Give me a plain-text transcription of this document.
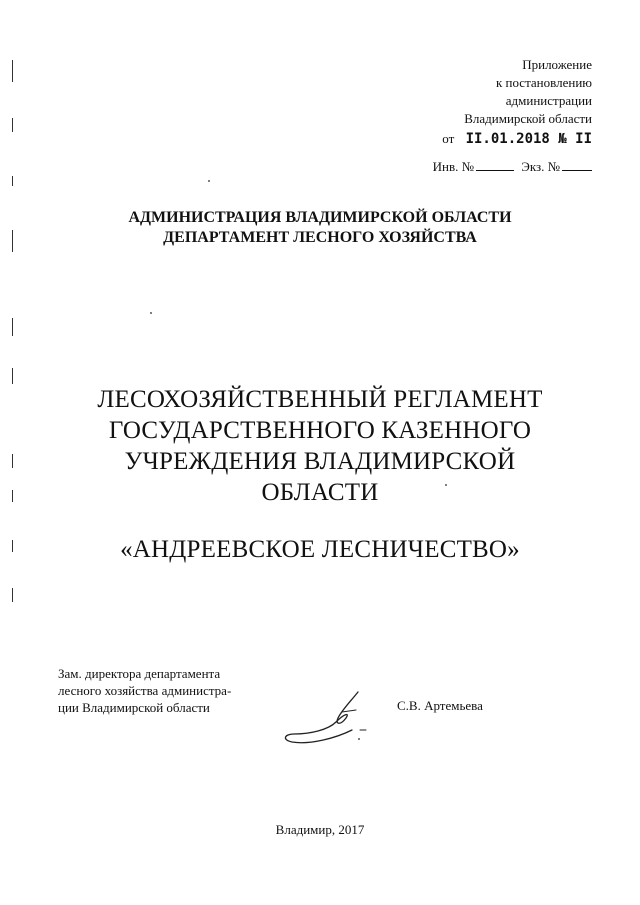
Приложение
к постановлению
администрации
Владимирской области
от II.01.2018 № II
Инв. №	Экз. №
АДМИНИСТРАЦИЯ ВЛАДИМИРСКОЙ ОБЛАСТИ
ДЕПАРТАМЕНТ ЛЕСНОГО ХОЗЯЙСТВА
ЛЕСОХОЗЯЙСТВЕННЫЙ РЕГЛАМЕНТ
ГОСУДАРСТВЕННОГО КАЗЕННОГО
УЧРЕЖДЕНИЯ ВЛАДИМИРСКОЙ
ОБЛАСТИ
«АНДРЕЕВСКОЕ ЛЕСНИЧЕСТВО»
Зам. директора департамента
лесного хозяйства администра-
ции Владимирской области	С.В. Артемьева
Владимир, 2017
